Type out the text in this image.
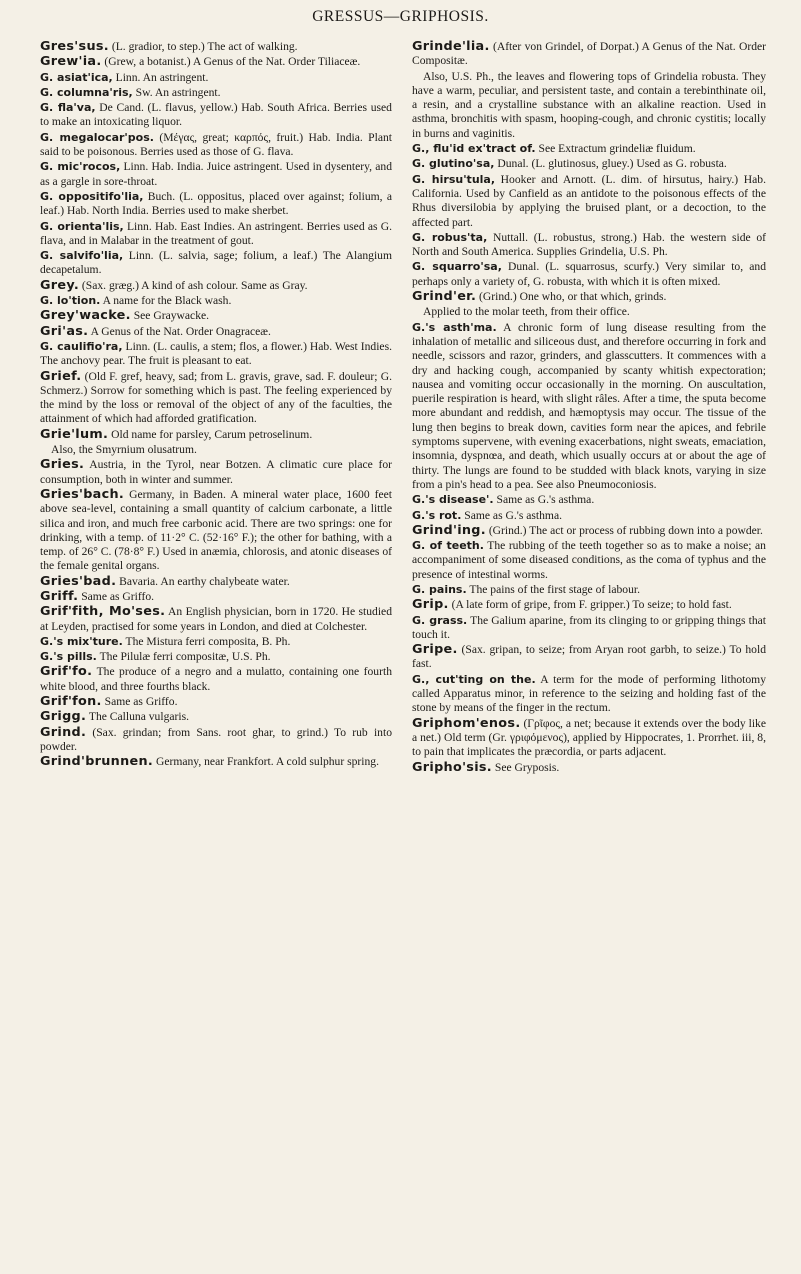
GRESSUS—GRIPHOSIS.

Gres'sus. (L. gradior, to step.) The act of walking.

Grew'ia. (Grew, a botanist.) A Genus of the Nat. Order Tiliaceæ.

G. asiat'ica, Linn. An astringent.

G. columna'ris, Sw. An astringent.

G. fla'va, De Cand. (L. flavus, yellow.) Hab. South Africa. Berries used to make an intoxicating liquor.

G. megalocar'pos. (Μέγας, great; καρπός, fruit.) Hab. India. Plant said to be poisonous. Berries used as those of G. flava.

G. mic'rocos, Linn. Hab. India. Juice astringent. Used in dysentery, and as a gargle in sore-throat.

G. oppositifo'lia, Buch. (L. oppositus, placed over against; folium, a leaf.) Hab. North India. Berries used to make sherbet.

G. orienta'lis, Linn. Hab. East Indies. An astringent. Berries used as G. flava, and in Malabar in the treatment of gout.

G. salvifo'lia, Linn. (L. salvia, sage; folium, a leaf.) The Alangium decapetalum.

Grey. (Sax. græg.) A kind of ash colour. Same as Gray.

G. lo'tion. A name for the Black wash.

Grey'wacke. See Graywacke.

Gri'as. A Genus of the Nat. Order Onagraceæ.

G. caulifio'ra, Linn. (L. caulis, a stem; flos, a flower.) Hab. West Indies. The anchovy pear. The fruit is pleasant to eat.

Grief. (Old F. gref, heavy, sad; from L. gravis, grave, sad. F. douleur; G. Schmerz.) Sorrow for something which is past. The feeling experienced by the mind by the loss or removal of the object of any of the faculties, the attainment of which had afforded gratification.

Grie'lum. Old name for parsley, Carum petroselinum.

Also, the Smyrnium olusatrum.

Gries. Austria, in the Tyrol, near Botzen. A climatic cure place for consumption, both in winter and summer.

Gries'bach. Germany, in Baden. A mineral water place, 1600 feet above sea-level, containing a small quantity of calcium carbonate, a little silica and iron, and much free carbonic acid. There are two springs: one for drinking, with a temp. of 11·2° C. (52·16° F.); the other for bathing, with a temp. of 26° C. (78·8° F.) Used in anæmia, chlorosis, and atonic diseases of the female genital organs.

Gries'bad. Bavaria. An earthy chalybeate water.

Griff. Same as Griffo.

Grif'fith, Mo'ses. An English physician, born in 1720. He studied at Leyden, practised for some years in London, and died at Colchester.

G.'s mix'ture. The Mistura ferri composita, B. Ph.

G.'s pills. The Pilulæ ferri compositæ, U.S. Ph.

Grif'fo. The produce of a negro and a mulatto, containing one fourth white blood, and three fourths black.

Grif'fon. Same as Griffo.

Grigg. The Calluna vulgaris.

Grind. (Sax. grindan; from Sans. root ghar, to grind.) To rub into powder.

Grind'brunnen. Germany, near Frankfort. A cold sulphur spring.

Grinde'lia. (After von Grindel, of Dorpat.) A Genus of the Nat. Order Compositæ.

Also, U.S. Ph., the leaves and flowering tops of Grindelia robusta. They have a warm, peculiar, and persistent taste, and contain a terebinthinate oil, a resin, and a crystalline substance with an alkaline reaction. Used in asthma, bronchitis with spasm, hooping-cough, and chronic cystitis; locally in burns and vaginitis.

G., flu'id ex'tract of. See Extractum grindeliæ fluidum.

G. glutino'sa, Dunal. (L. glutinosus, gluey.) Used as G. robusta.

G. hirsu'tula, Hooker and Arnott. (L. dim. of hirsutus, hairy.) Hab. California. Used by Canfield as an antidote to the poisonous effects of the Rhus diversilobia by applying the bruised plant, or a decoction, to the affected part.

G. robus'ta, Nuttall. (L. robustus, strong.) Hab. the western side of North and South America. Supplies Grindelia, U.S. Ph.

G. squarro'sa, Dunal. (L. squarrosus, scurfy.) Very similar to, and perhaps only a variety of, G. robusta, with which it is often mixed.

Grind'er. (Grind.) One who, or that which, grinds.

Applied to the molar teeth, from their office.

G.'s asth'ma. A chronic form of lung disease resulting from the inhalation of metallic and siliceous dust, and therefore occurring in fork and needle, scissors and razor, grinders, and glasscutters. It commences with a dry and hacking cough, accompanied by scanty whitish expectoration; nausea and vomiting occur occasionally in the morning. On auscultation, puerile respiration is heard, with slight râles. After a time, the sputa become more abundant and reddish, and hæmoptysis may occur. The tissue of the lung then begins to break down, cavities form near the apices, and febrile symptoms supervene, with evening exacerbations, night sweats, emaciation, insomnia, dyspnœa, and death, which usually occurs at or about the age of thirty. The lungs are found to be studded with black knots, varying in size from a pin's head to a pea. See also Pneumoconiosis.

G.'s disease'. Same as G.'s asthma.

G.'s rot. Same as G.'s asthma.

Grind'ing. (Grind.) The act or process of rubbing down into a powder.

G. of teeth. The rubbing of the teeth together so as to make a noise; an accompaniment of some diseased conditions, as the coma of typhus and the presence of intestinal worms.

G. pains. The pains of the first stage of labour.

Grip. (A late form of gripe, from F. gripper.) To seize; to hold fast.

G. grass. The Galium aparine, from its clinging to or gripping things that touch it.

Gripe. (Sax. gripan, to seize; from Aryan root garbh, to seize.) To hold fast.

G., cut'ting on the. A term for the mode of performing lithotomy called Apparatus minor, in reference to the seizing and holding fast of the stone by means of the finger in the rectum.

Griphom'enos. (Γρῖφος, a net; because it extends over the body like a net.) Old term (Gr. γριφόμενος), applied by Hippocrates, 1. Prorrhet. iii, 8, to pain that implicates the præcordia, or parts adjacent.

Gripho'sis. See Gryposis.
